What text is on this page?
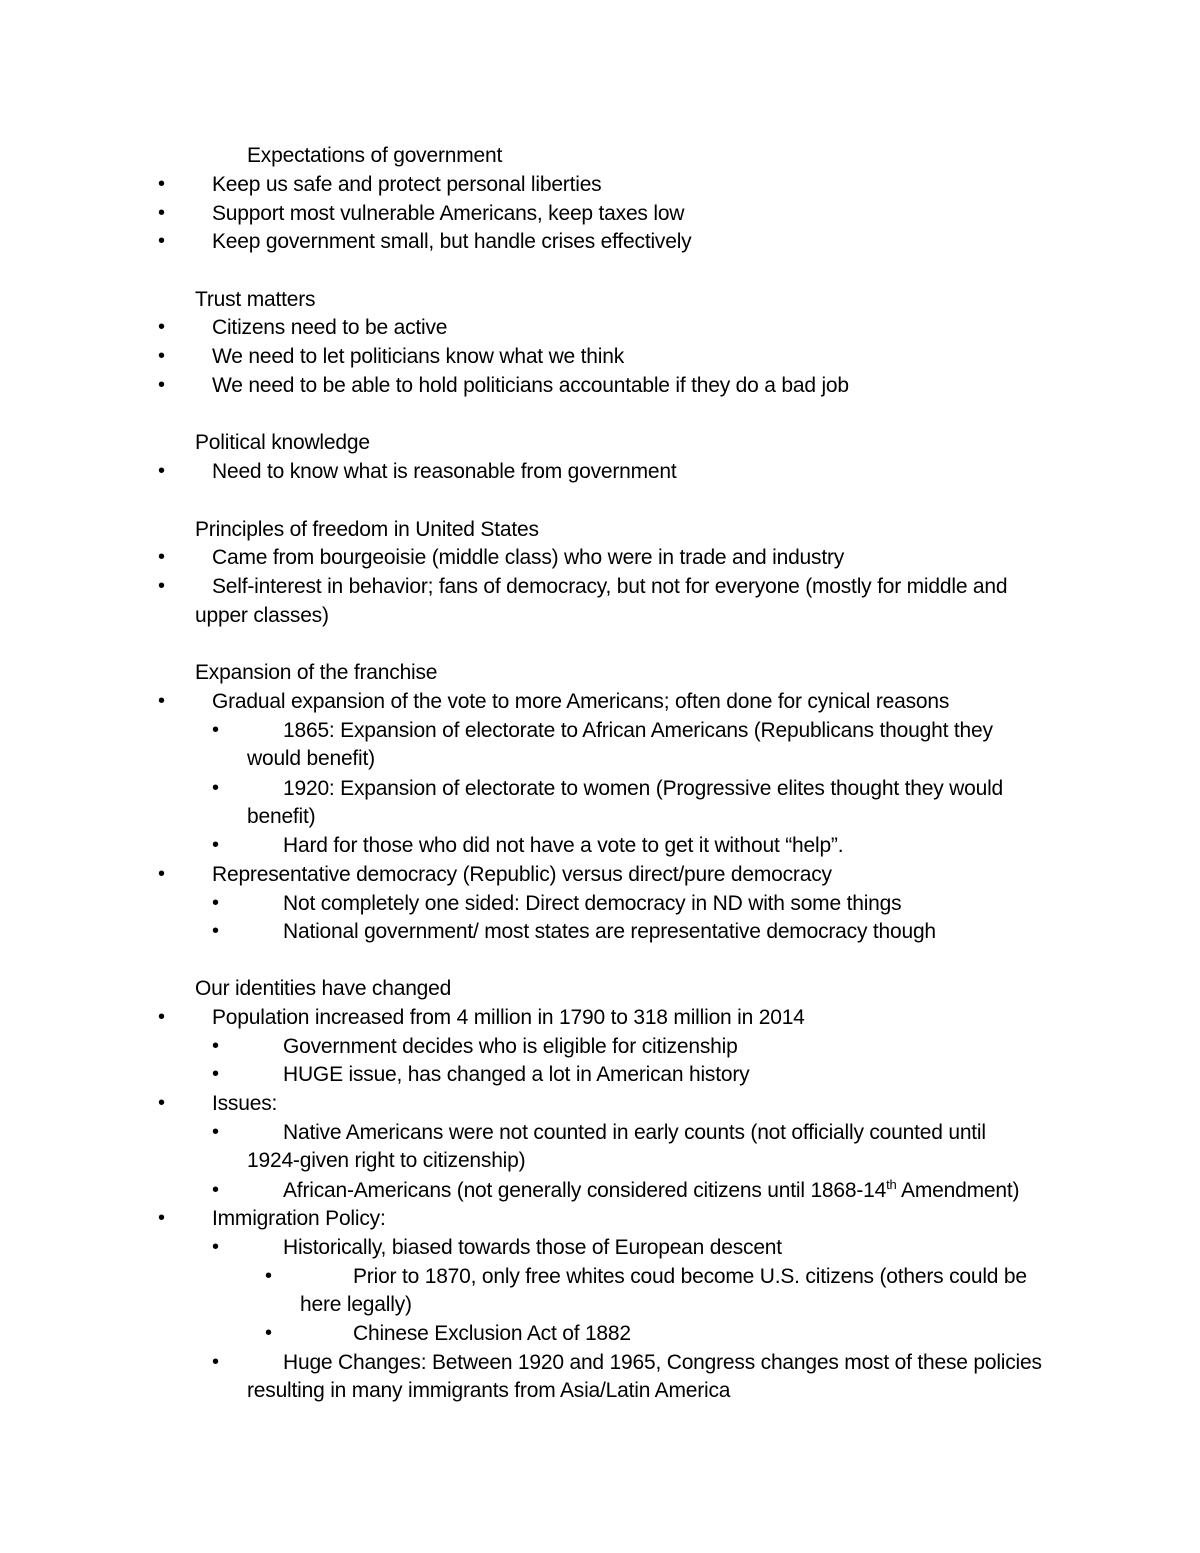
Expectations of government
• Keep us safe and protect personal liberties
• Support most vulnerable Americans, keep taxes low
• Keep government small, but handle crises effectively
Trust matters
• Citizens need to be active
• We need to let politicians know what we think
• We need to be able to hold politicians accountable if they do a bad job
Political knowledge
• Need to know what is reasonable from government
Principles of freedom in United States
• Came from bourgeoisie (middle class) who were in trade and industry
• Self-interest in behavior; fans of democracy, but not for everyone (mostly for middle and
upper classes)
Expansion of the franchise
• Gradual expansion of the vote to more Americans; often done for cynical reasons
•	1865: Expansion of electorate to African Americans (Republicans thought they
would benefit)
•	1920: Expansion of electorate to women (Progressive elites thought they would
benefit)
•	Hard for those who did not have a vote to get it without “help”.
• Representative democracy (Republic) versus direct/pure democracy
•	Not completely one sided: Direct democracy in ND with some things
•	National government/ most states are representative democracy though
Our identities have changed
• Population increased from 4 million in 1790 to 318 million in 2014
•	Government decides who is eligible for citizenship
•	HUGE issue, has changed a lot in American history
• Issues:
•	Native Americans were not counted in early counts (not officially counted until
1924-given right to citizenship)
•	African-Americans (not generally considered citizens until 1868-14th Amendment)
• Immigration Policy:
•	Historically, biased towards those of European descent
•	Prior to 1870, only free whites coud become U.S. citizens (others could be
here legally)
•	Chinese Exclusion Act of 1882
•	Huge Changes: Between 1920 and 1965, Congress changes most of these policies
resulting in many immigrants from Asia/Latin America
